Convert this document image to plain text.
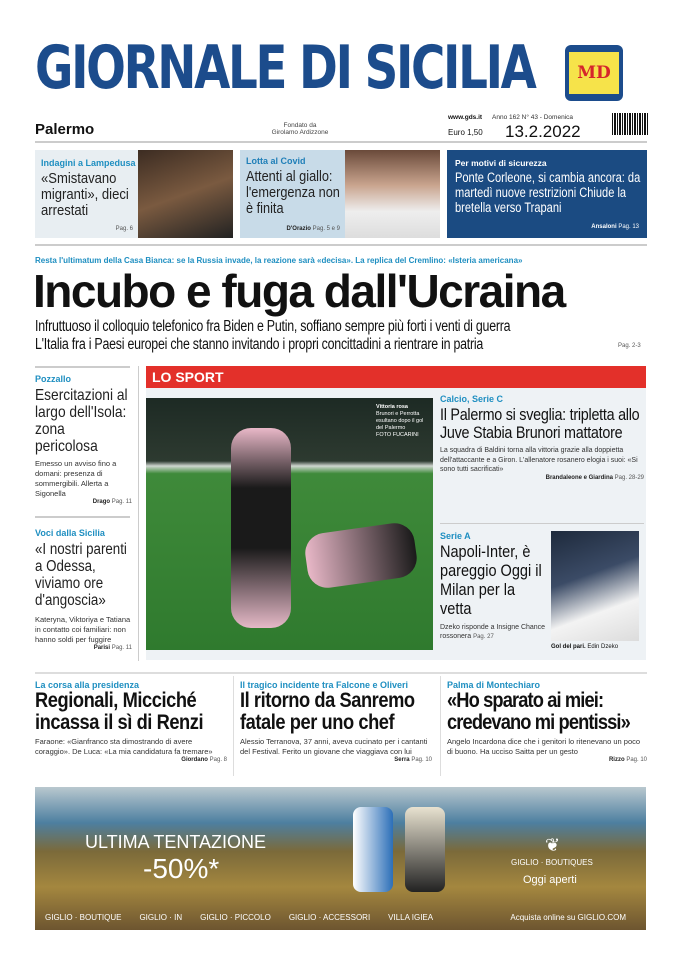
GIORNALE DI SICILIA	MD
Palermo	Fondato da
Girolamo Ardizzone
www.gds.it Anno 162 N° 43 - Domenica
Euro 1,50 13.2.2022
Indagini a Lampedusa
«Smistavano migranti», dieci arrestati
Pag. 6
Lotta al Covid
Attenti al giallo: l'emergenza non è finita
D'Orazio Pag. 5 e 9
Per motivi di sicurezza
Ponte Corleone, si cambia ancora: da martedì nuove restrizioni Chiude la bretella verso Trapani
Ansaloni Pag. 13
Resta l'ultimatum della Casa Bianca: se la Russia invade, la reazione sarà «decisa». La replica del Cremlino: «Isteria americana»
Incubo e fuga dall'Ucraina
Infruttuoso il colloquio telefonico fra Biden e Putin, soffiano sempre più forti i venti di guerra
L'Italia fra i Paesi europei che stanno invitando i propri concittadini a rientrare in patria	Pag. 2-3
Pozzallo
Esercitazioni al largo dell'Isola: zona pericolosa
Emesso un avviso fino a domani: presenza di sommergibili. Allerta a Sigonella
Drago Pag. 11
Voci dalla Sicilia
«I nostri parenti a Odessa, viviamo ore d'angoscia»
Kateryna, Viktoriya e Tatiana in contatto coi familiari: non hanno soldi per fuggire
Parisi Pag. 11
LO SPORT
Vittoria rosa
Brunori e Perrotta esultano dopo il gol del Palermo
FOTO FUCARINI
Calcio, Serie C
Il Palermo si sveglia: tripletta allo Juve Stabia Brunori mattatore
La squadra di Baldini torna alla vittoria grazie alla doppietta dell'attaccante e a Giron. L'allenatore rosanero elogia i suoi: «Si sono tutti sacrificati»
Brandaleone e Giardina Pag. 28-29
Serie A
Napoli-Inter, è pareggio Oggi il Milan per la vetta
Dzeko risponde a Insigne Chance rossonera Pag. 27
Gol del pari. Edin Dzeko
La corsa alla presidenza
Regionali, Micciché incassa il sì di Renzi
Faraone: «Gianfranco sta dimostrando di avere coraggio». De Luca: «La mia candidatura fa tremare»
Giordano Pag. 8
Il tragico incidente tra Falcone e Oliveri
Il ritorno da Sanremo fatale per uno chef
Alessio Terranova, 37 anni, aveva cucinato per i cantanti del Festival. Ferito un giovane che viaggiava con lui
Serra Pag. 10
Palma di Montechiaro
«Ho sparato ai miei: credevano mi pentissi»
Angelo Incardona dice che i genitori lo ritenevano un poco di buono. Ha ucciso Saitta per un gesto
Rizzo Pag. 10
ULTIMA TENTAZIONE
-50%*
❦
GIGLIO · BOUTIQUES
Oggi aperti
GIGLIO · BOUTIQUE GIGLIO · IN GIGLIO · PICCOLO GIGLIO · ACCESSORI VILLA IGIEA	Acquista online su GIGLIO.COM
